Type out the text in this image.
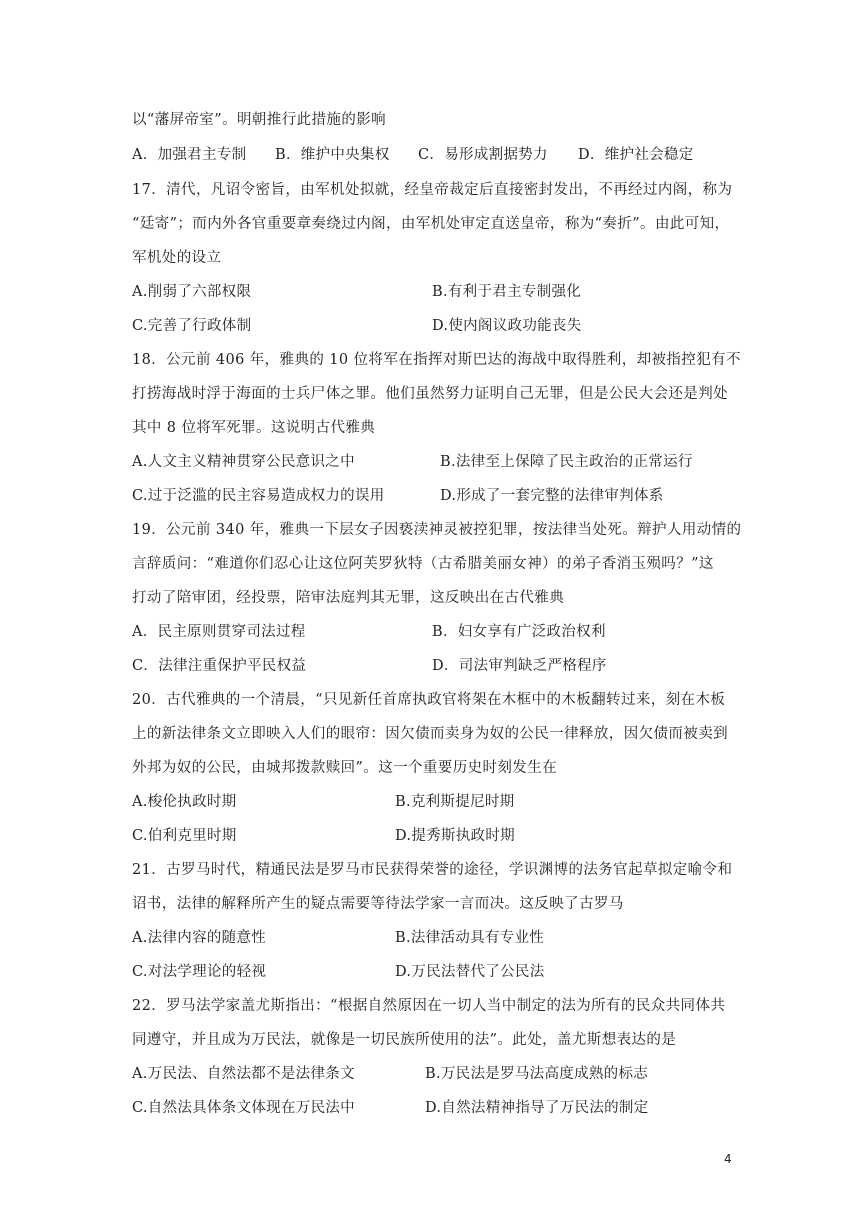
以“藩屏帝室”。明朝推行此措施的影响
A．加强君主专制 B．维护中央集权 C．易形成割据势力 D．维护社会稳定
17．清代，凡诏令密旨，由军机处拟就，经皇帝裁定后直接密封发出，不再经过内阁，称为
“廷寄”；而内外各官重要章奏绕过内阁，由军机处审定直送皇帝，称为“奏折”。由此可知，
军机处的设立
A.削弱了六部权限	B.有利于君主专制强化
C.完善了行政体制	D.使内阁议政功能丧失
18．公元前 406 年，雅典的 10 位将军在指挥对斯巴达的海战中取得胜利，却被指控犯有不
打捞海战时浮于海面的士兵尸体之罪。他们虽然努力证明自己无罪，但是公民大会还是判处
其中 8 位将军死罪。这说明古代雅典
A.人文主义精神贯穿公民意识之中	B.法律至上保障了民主政治的正常运行
C.过于泛滥的民主容易造成权力的误用	D.形成了一套完整的法律审判体系
19．公元前 340 年，雅典一下层女子因亵渎神灵被控犯罪，按法律当处死。辩护人用动情的
言辞质问：“难道你们忍心让这位阿芙罗狄特（古希腊美丽女神）的弟子香消玉殒吗？”这
打动了陪审团，经投票，陪审法庭判其无罪，这反映出在古代雅典
A．民主原则贯穿司法过程	B．妇女享有广泛政治权利
C．法律注重保护平民权益	D．司法审判缺乏严格程序
20．古代雅典的一个清晨，“只见新任首席执政官将架在木框中的木板翻转过来，刻在木板
上的新法律条文立即映入人们的眼帘：因欠债而卖身为奴的公民一律释放，因欠债而被卖到
外邦为奴的公民，由城邦拨款赎回”。这一个重要历史时刻发生在
A.梭伦执政时期	B.克利斯提尼时期
C.伯利克里时期	D.提秀斯执政时期
21．古罗马时代，精通民法是罗马市民获得荣誉的途径，学识渊博的法务官起草拟定喻令和
诏书，法律的解释所产生的疑点需要等待法学家一言而决。这反映了古罗马
A.法律内容的随意性	B.法律活动具有专业性
C.对法学理论的轻视	D.万民法替代了公民法
22．罗马法学家盖尤斯指出：“根据自然原因在一切人当中制定的法为所有的民众共同体共
同遵守，并且成为万民法，就像是一切民族所使用的法”。此处，盖尤斯想表达的是
A.万民法、自然法都不是法律条文	B.万民法是罗马法高度成熟的标志
C.自然法具体条文体现在万民法中	D.自然法精神指导了万民法的制定
4
